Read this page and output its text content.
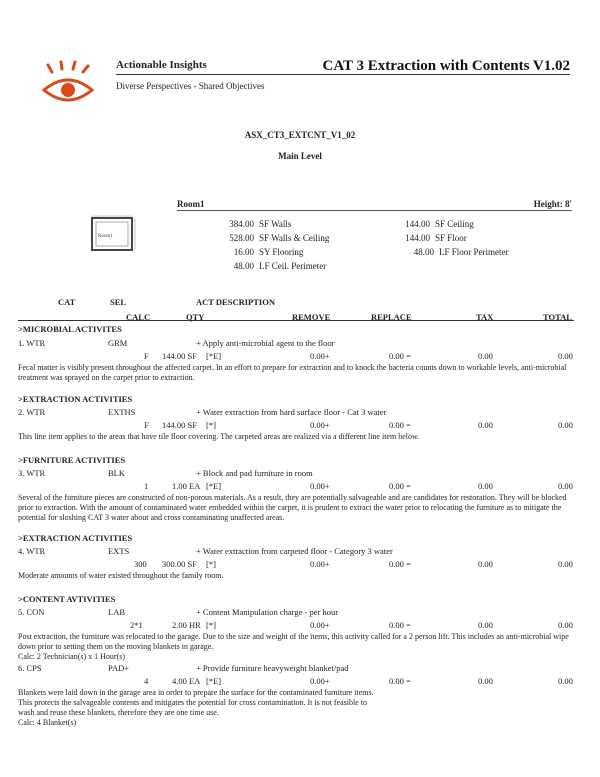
Actionable Insights
Diverse Perspectives - Shared Objectives
CAT 3 Extraction with Contents V1.02
ASX_CT3_EXTCNT_V1_02
Main Level
Room1	Height: 8'
Room1
384.00 SF Walls
528.00 SF Walls & Ceiling
16.00 SY Flooring
48.00 LF Ceil. Perimeter
144.00 SF Ceiling
144.00 SF Floor
48.00 LF Floor Perimeter
CAT	SEL	ACT DESCRIPTION
CALC	QTY	REMOVE	REPLACE	TAX	TOTAL
>MICROBIAL ACTIVITES
1. WTR	GRM	+ Apply anti-microbial agent to the floor
F 144.00 SF [*E]	0.00+	0.00 =	0.00	0.00
Fecal matter is visibly present throughout the affected carpet. In an effort to prepare for extraction and to knock the bacteria counts down to workable levels, anti-microbial treatment was sprayed on the carpet prior to extraction.
>EXTRACTION ACTIVITIES
2. WTR	EXTHS	+ Water extraction from hard surface floor - Cat 3 water
F 144.00 SF [*]	0.00+	0.00 =	0.00	0.00
This line item applies to the areas that have tile floor covering. The carpeted areas are realized via a different line item below.
>FURNITURE ACTIVITIES
3. WTR	BLK	+ Block and pad furniture in room
1	1.00 EA [*E]	0.00+	0.00 =	0.00	0.00
Several of the furniture pieces are constructed of non-porous materials. As a result, they are potentially salvageable and are candidates for restoration. They will be blocked prior to extraction. With the amount of contaminated water embedded within the carpet, it is prudent to extract the water prior to relocating the furniture as to mitigate the potential for sloshing CAT 3 water about and cross contaminating unaffected areas.
>EXTRACTION ACTIVITIES
4. WTR	EXTS	+ Water extraction from carpeted floor - Category 3 water
300 300.00 SF [*]	0.00+	0.00 =	0.00	0.00
Moderate amounts of water existed throughout the family room.
>CONTENT AVTIVITIES
5. CON	LAB	+ Content Manipulation charge - per hour
2*1	2.00 HR [*]	0.00+	0.00 =	0.00	0.00
Post extraction, the furniture was relocated to the garage. Due to the size and weight of the items, this activity called for a 2 person lift. This includes an anti-microbial wipe down prior to setting them on the moving blankets in garage.
Calc: 2 Technician(s) x 1 Hour(s)
6. CPS	PAD+	+ Provide furniture heavyweight blanket/pad
4	4.00 EA [*E]	0.00+	0.00 =	0.00	0.00
Blankets were laid down in the garage area in order to prepare the surface for the contaminated furniture items.
This protects the salvageable contents and mitigates the potential for cross contamination. It is not feasible to
wash and reuse these blankets, therefore they are one time use.
Calc: 4 Blanket(s)
